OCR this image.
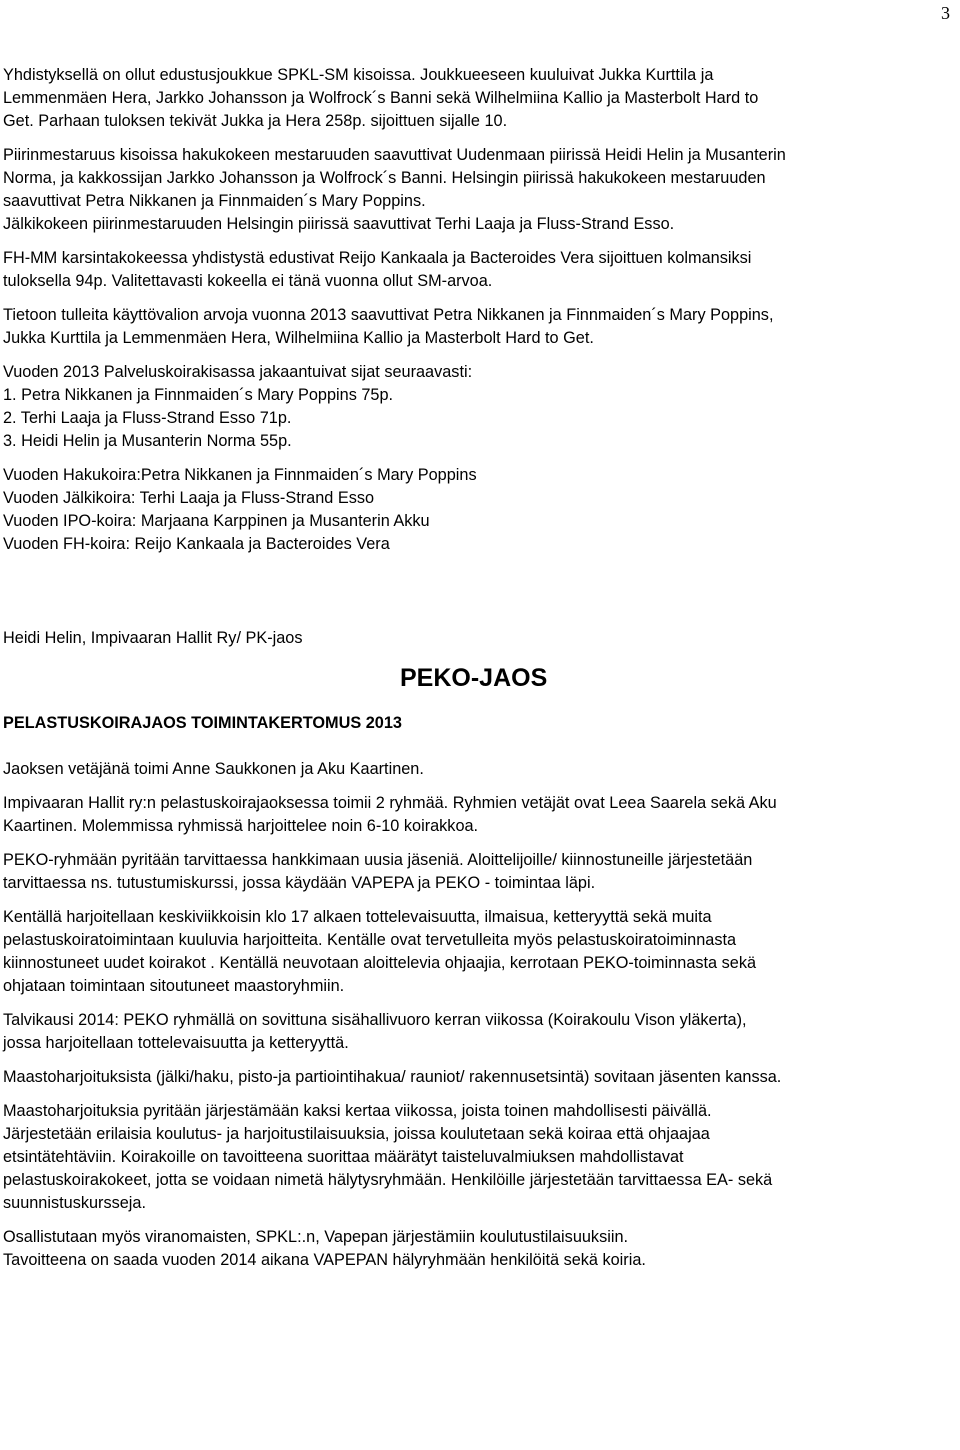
3

Yhdistyksellä on ollut edustusjoukkue SPKL-SM kisoissa. Joukkueeseen kuuluivat Jukka Kurttila ja
Lemmenmäen Hera, Jarkko Johansson ja Wolfrock´s Banni sekä Wilhelmiina Kallio ja Masterbolt Hard to
Get. Parhaan tuloksen tekivät Jukka ja Hera 258p. sijoittuen sijalle 10.

Piirinmestaruus kisoissa hakukokeen mestaruuden saavuttivat Uudenmaan piirissä Heidi Helin ja Musanterin
Norma, ja kakkossijan Jarkko Johansson ja Wolfrock´s Banni. Helsingin piirissä hakukokeen mestaruuden
saavuttivat Petra Nikkanen ja Finnmaiden´s Mary Poppins.
Jälkikokeen piirinmestaruuden Helsingin piirissä saavuttivat Terhi Laaja ja Fluss-Strand Esso.

FH-MM karsintakokeessa yhdistystä edustivat Reijo Kankaala ja Bacteroides Vera sijoittuen kolmansiksi
tuloksella 94p. Valitettavasti kokeella ei tänä vuonna ollut SM-arvoa.

Tietoon tulleita käyttövalion arvoja vuonna 2013 saavuttivat Petra Nikkanen ja Finnmaiden´s Mary Poppins,
Jukka Kurttila ja Lemmenmäen Hera, Wilhelmiina Kallio ja Masterbolt Hard to Get.

Vuoden 2013 Palveluskoirakisassa jakaantuivat sijat seuraavasti:
1. Petra Nikkanen ja Finnmaiden´s Mary Poppins 75p.
2. Terhi Laaja ja Fluss-Strand Esso 71p.
3. Heidi Helin ja Musanterin Norma 55p.

Vuoden Hakukoira:Petra Nikkanen ja Finnmaiden´s Mary Poppins
Vuoden Jälkikoira: Terhi Laaja ja Fluss-Strand Esso
Vuoden IPO-koira: Marjaana Karppinen ja Musanterin Akku
Vuoden FH-koira: Reijo Kankaala ja Bacteroides Vera

Heidi Helin, Impivaaran Hallit Ry/ PK-jaos

PEKO-JAOS
PELASTUSKOIRAJAOS TOIMINTAKERTOMUS 2013

Jaoksen vetäjänä toimi Anne Saukkonen ja Aku Kaartinen.

Impivaaran Hallit ry:n pelastuskoirajaoksessa toimii 2 ryhmää. Ryhmien vetäjät ovat Leea Saarela sekä Aku
Kaartinen. Molemmissa ryhmissä harjoittelee noin 6-10 koirakkoa.

PEKO-ryhmään pyritään tarvittaessa hankkimaan uusia jäseniä. Aloittelijoille/ kiinnostuneille järjestetään
tarvittaessa ns. tutustumiskurssi, jossa käydään VAPEPA ja PEKO - toimintaa läpi.

Kentällä harjoitellaan keskiviikkoisin klo 17 alkaen tottelevaisuutta, ilmaisua, ketteryyttä sekä muita
pelastuskoiratoimintaan kuuluvia harjoitteita. Kentälle ovat tervetulleita myös pelastuskoiratoiminnasta
kiinnostuneet uudet koirakot . Kentällä neuvotaan aloittelevia ohjaajia, kerrotaan PEKO-toiminnasta sekä
ohjataan toimintaan sitoutuneet maastoryhmiin.

Talvikausi 2014: PEKO ryhmällä on sovittuna sisähallivuoro kerran viikossa (Koirakoulu Vison yläkerta),
jossa harjoitellaan tottelevaisuutta ja ketteryyttä.

Maastoharjoituksista (jälki/haku, pisto-ja partiointihakua/ rauniot/ rakennusetsintä) sovitaan jäsenten kanssa.

Maastoharjoituksia pyritään järjestämään kaksi kertaa viikossa, joista toinen mahdollisesti päivällä.
Järjestetään erilaisia koulutus- ja harjoitustilaisuuksia, joissa koulutetaan sekä koiraa että ohjaajaa
etsintätehtäviin. Koirakoille on tavoitteena suorittaa määrätyt taisteluvalmiuksen mahdollistavat
pelastuskoirakokeet, jotta se voidaan nimetä hälytysryhmään. Henkilöille järjestetään tarvittaessa EA- sekä
suunnistuskursseja.

Osallistutaan myös viranomaisten, SPKL:.n, Vapepan järjestämiin koulutustilaisuuksiin.
Tavoitteena on saada vuoden 2014 aikana VAPEPAN hälyryhmään henkilöitä sekä koiria.
